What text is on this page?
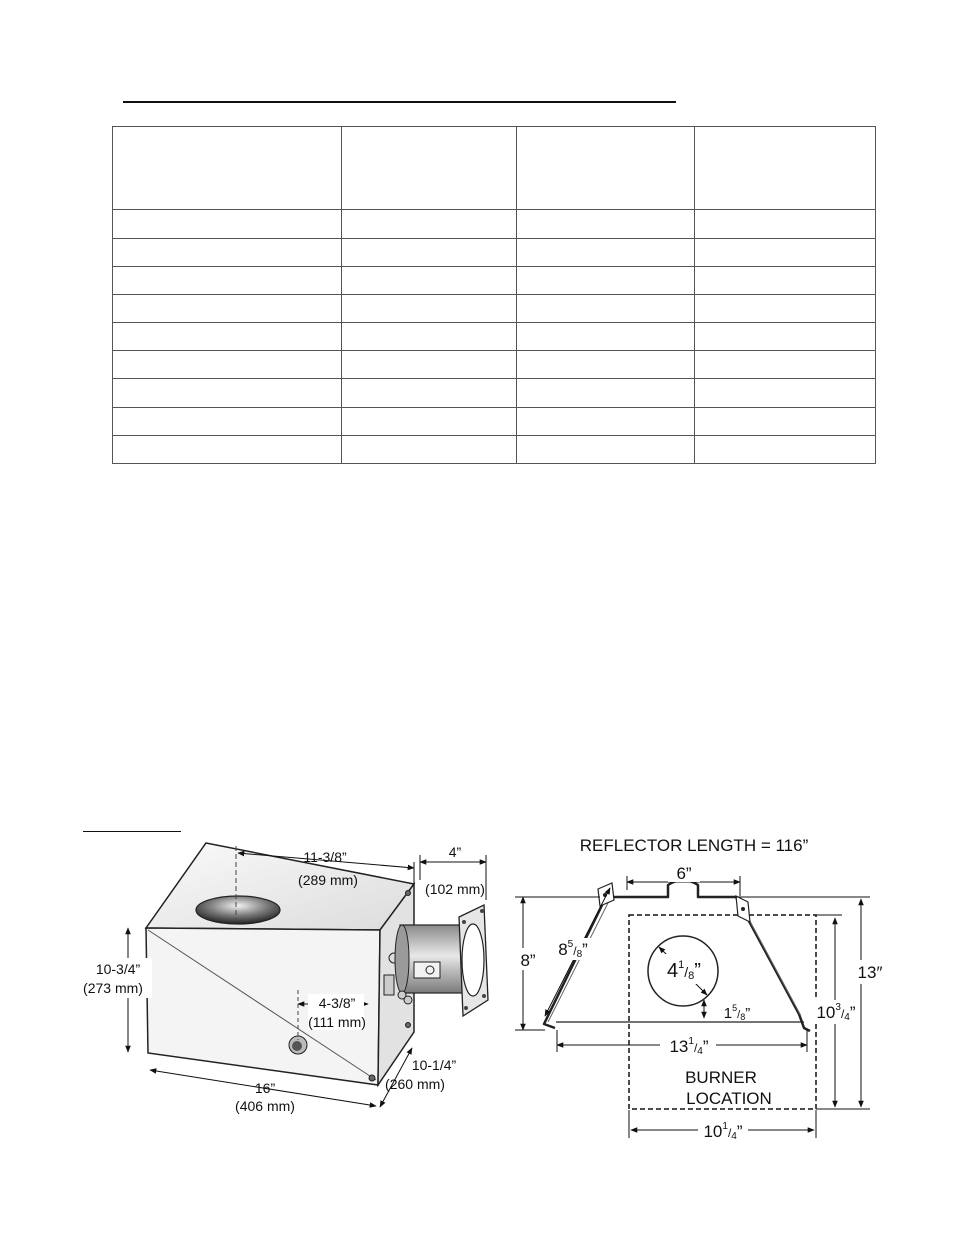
11-3/8”
(289 mm)
4”
(102 mm)
10-3/4”
(273 mm)
4-3/8”
(111 mm)
10-1/4”
(260 mm)
16”
(406 mm)
REFLECTOR LENGTH = 116”
$4^1_/8$”
$1^5_/8$”
6”
8”
$8^5_/8$”
$13^1_/4$”
BURNER
LOCATION
$10^3_/4$”
13″
$10^1_/4$”
